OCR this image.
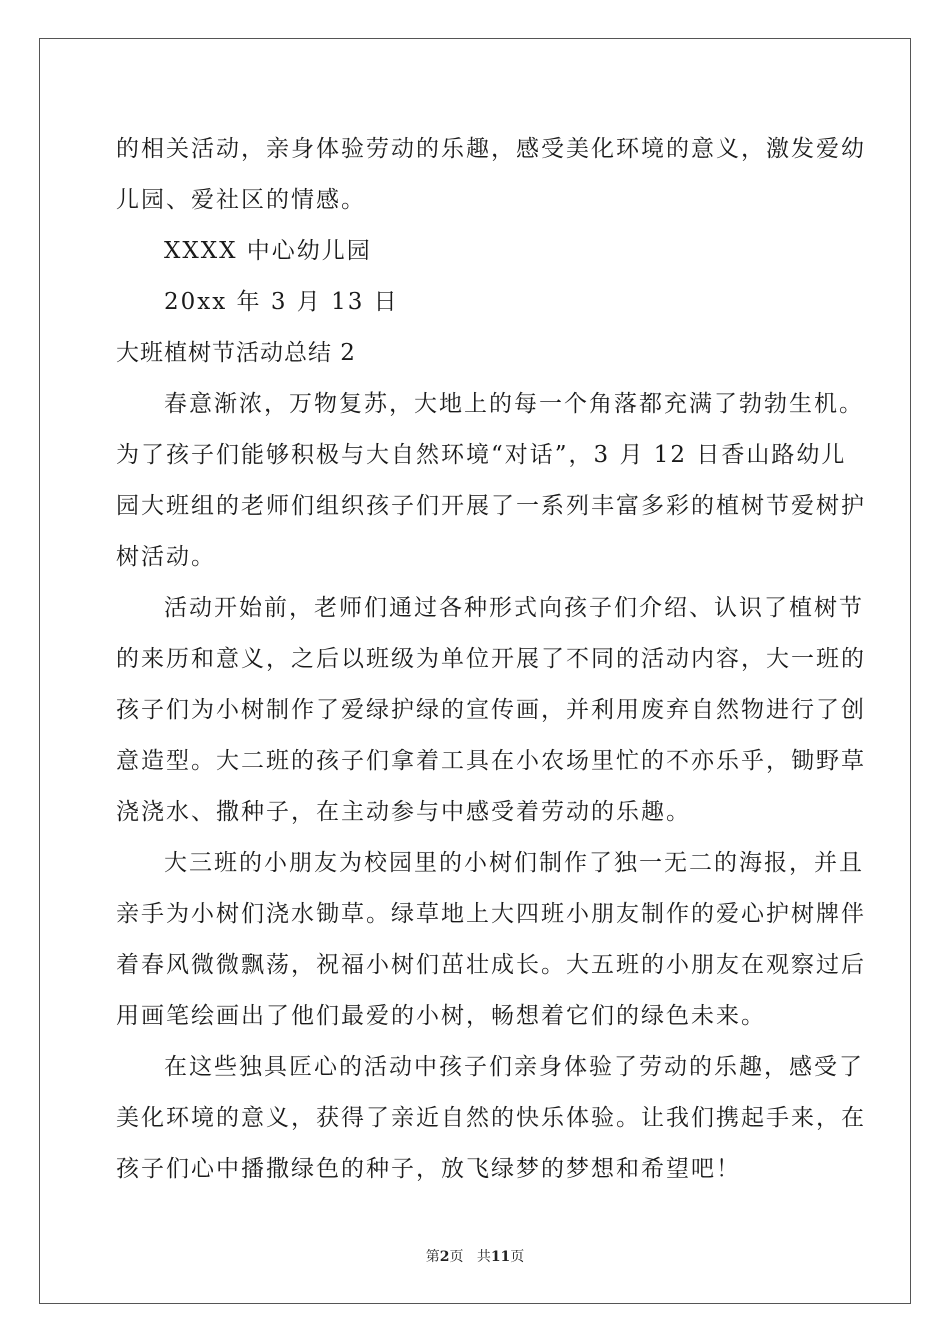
的相关活动，亲身体验劳动的乐趣，感受美化环境的意义，激发爱幼

儿园、爱社区的情感。

XXXX 中心幼儿园

20xx 年 3 月 13 日

大班植树节活动总结 2

春意渐浓，万物复苏，大地上的每一个角落都充满了勃勃生机。

为了孩子们能够积极与大自然环境“对话”，3 月 12 日香山路幼儿

园大班组的老师们组织孩子们开展了一系列丰富多彩的植树节爱树护

树活动。

活动开始前，老师们通过各种形式向孩子们介绍、认识了植树节

的来历和意义，之后以班级为单位开展了不同的活动内容，大一班的

孩子们为小树制作了爱绿护绿的宣传画，并利用废弃自然物进行了创

意造型。大二班的孩子们拿着工具在小农场里忙的不亦乐乎，锄野草

浇浇水、撒种子，在主动参与中感受着劳动的乐趣。

大三班的小朋友为校园里的小树们制作了独一无二的海报，并且

亲手为小树们浇水锄草。绿草地上大四班小朋友制作的爱心护树牌伴

着春风微微飘荡，祝福小树们茁壮成长。大五班的小朋友在观察过后

用画笔绘画出了他们最爱的小树，畅想着它们的绿色未来。

在这些独具匠心的活动中孩子们亲身体验了劳动的乐趣，感受了

美化环境的意义，获得了亲近自然的快乐体验。让我们携起手来，在

孩子们心中播撒绿色的种子，放飞绿梦的梦想和希望吧！

第2页 共11页
